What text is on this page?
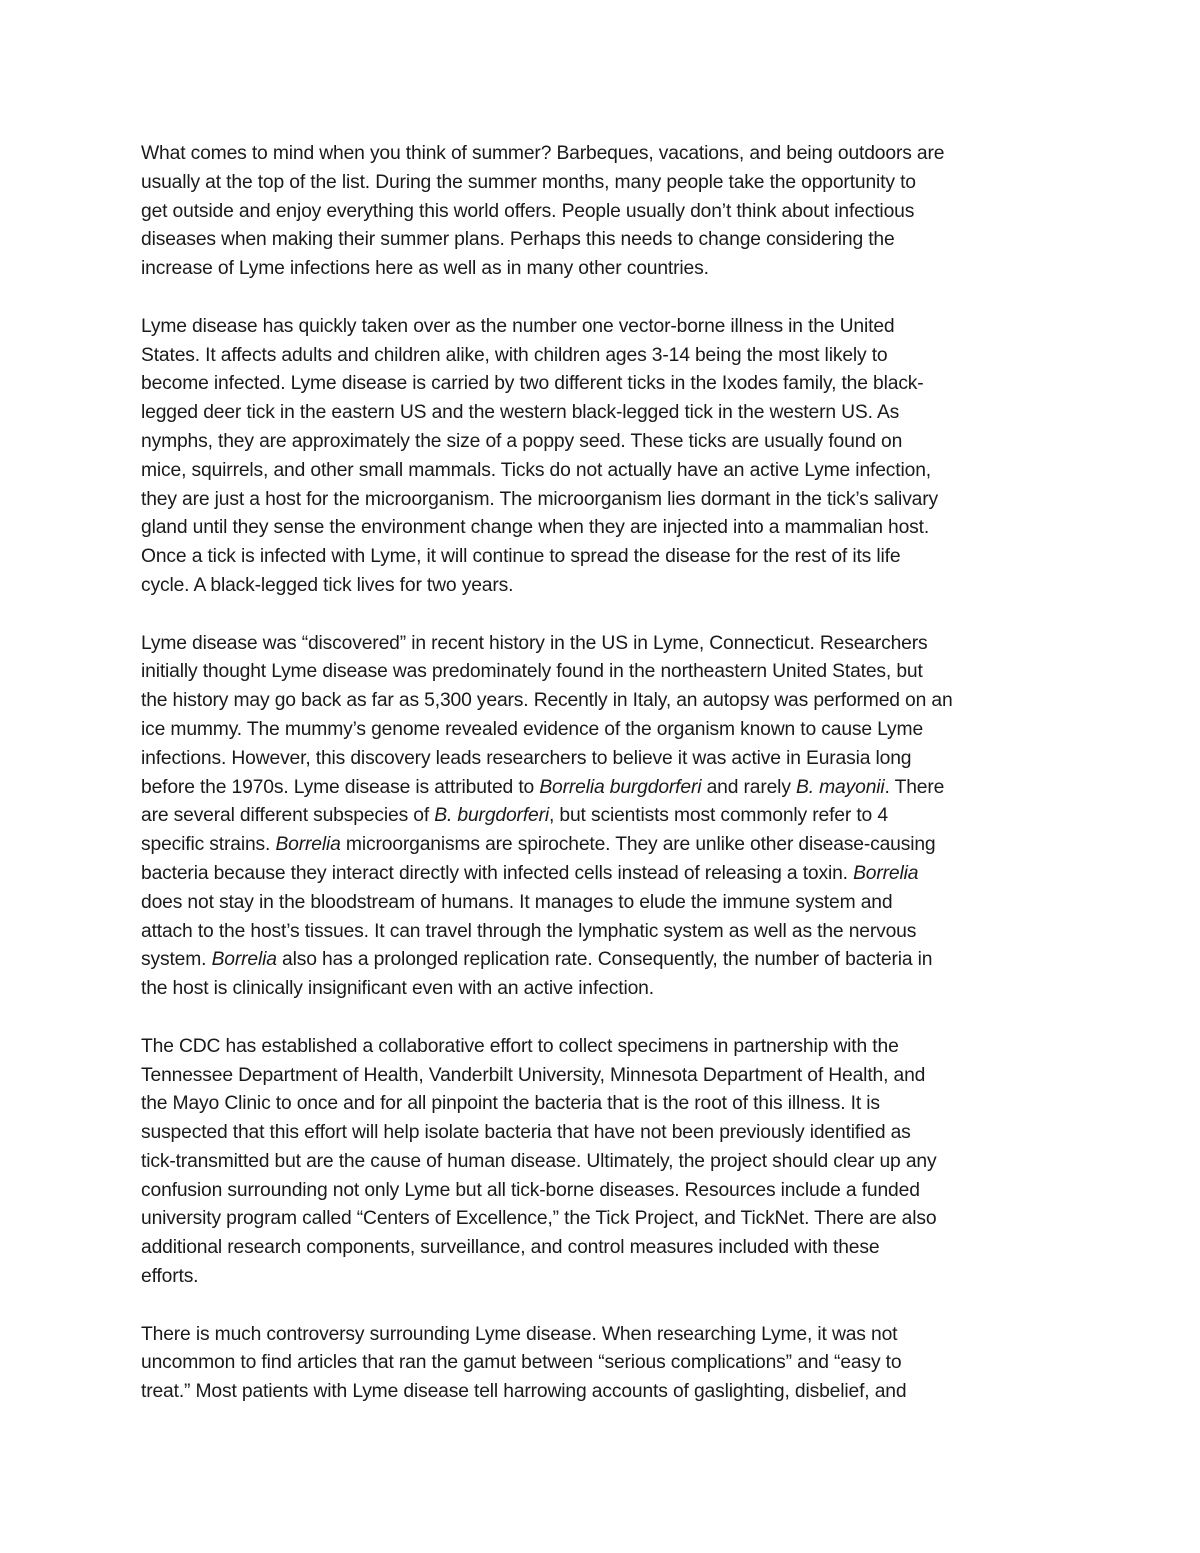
What comes to mind when you think of summer? Barbeques, vacations, and being outdoors are
usually at the top of the list. During the summer months, many people take the opportunity to
get outside and enjoy everything this world offers. People usually don’t think about infectious
diseases when making their summer plans. Perhaps this needs to change considering the
increase of Lyme infections here as well as in many other countries.

Lyme disease has quickly taken over as the number one vector-borne illness in the United
States. It affects adults and children alike, with children ages 3-14 being the most likely to
become infected. Lyme disease is carried by two different ticks in the Ixodes family, the black-
legged deer tick in the eastern US and the western black-legged tick in the western US. As
nymphs, they are approximately the size of a poppy seed. These ticks are usually found on
mice, squirrels, and other small mammals. Ticks do not actually have an active Lyme infection,
they are just a host for the microorganism. The microorganism lies dormant in the tick’s salivary
gland until they sense the environment change when they are injected into a mammalian host.
Once a tick is infected with Lyme, it will continue to spread the disease for the rest of its life
cycle. A black-legged tick lives for two years.

Lyme disease was “discovered” in recent history in the US in Lyme, Connecticut. Researchers
initially thought Lyme disease was predominately found in the northeastern United States, but
the history may go back as far as 5,300 years. Recently in Italy, an autopsy was performed on an
ice mummy. The mummy’s genome revealed evidence of the organism known to cause Lyme
infections. However, this discovery leads researchers to believe it was active in Eurasia long
before the 1970s. Lyme disease is attributed to Borrelia burgdorferi and rarely B. mayonii. There
are several different subspecies of B. burgdorferi, but scientists most commonly refer to 4
specific strains. Borrelia microorganisms are spirochete. They are unlike other disease-causing
bacteria because they interact directly with infected cells instead of releasing a toxin. Borrelia
does not stay in the bloodstream of humans. It manages to elude the immune system and
attach to the host’s tissues. It can travel through the lymphatic system as well as the nervous
system. Borrelia also has a prolonged replication rate. Consequently, the number of bacteria in
the host is clinically insignificant even with an active infection.

The CDC has established a collaborative effort to collect specimens in partnership with the
Tennessee Department of Health, Vanderbilt University, Minnesota Department of Health, and
the Mayo Clinic to once and for all pinpoint the bacteria that is the root of this illness. It is
suspected that this effort will help isolate bacteria that have not been previously identified as
tick-transmitted but are the cause of human disease. Ultimately, the project should clear up any
confusion surrounding not only Lyme but all tick-borne diseases. Resources include a funded
university program called “Centers of Excellence,” the Tick Project, and TickNet. There are also
additional research components, surveillance, and control measures included with these
efforts.

There is much controversy surrounding Lyme disease. When researching Lyme, it was not
uncommon to find articles that ran the gamut between “serious complications” and “easy to
treat.” Most patients with Lyme disease tell harrowing accounts of gaslighting, disbelief, and
